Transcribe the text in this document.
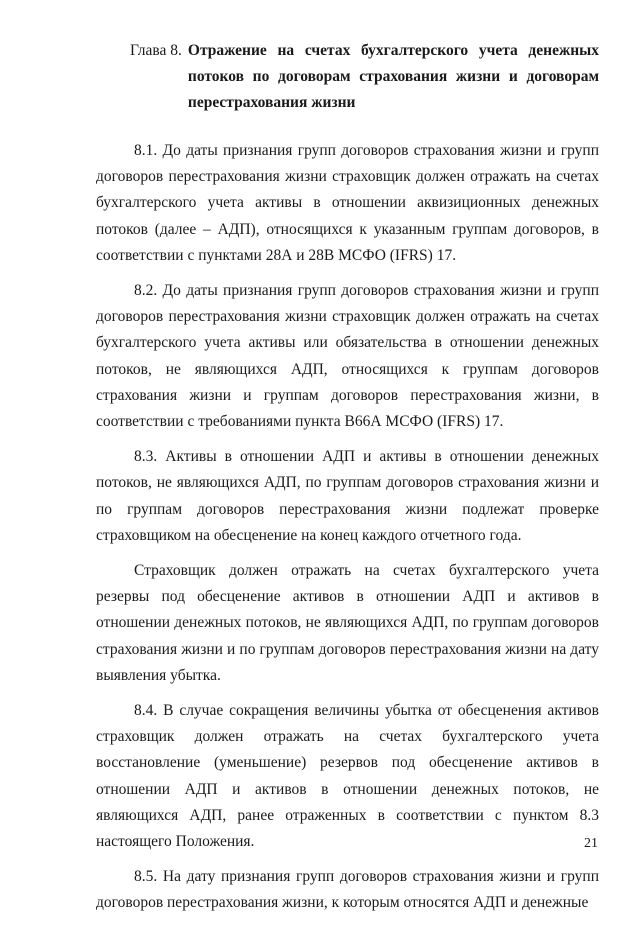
Глава 8. Отражение на счетах бухгалтерского учета денежных потоков по договорам страхования жизни и договорам перестрахования жизни

8.1. До даты признания групп договоров страхования жизни и групп договоров перестрахования жизни страховщик должен отражать на счетах бухгалтерского учета активы в отношении аквизиционных денежных потоков (далее – АДП), относящихся к указанным группам договоров, в соответствии с пунктами 28А и 28В МСФО (IFRS) 17.

8.2. До даты признания групп договоров страхования жизни и групп договоров перестрахования жизни страховщик должен отражать на счетах бухгалтерского учета активы или обязательства в отношении денежных потоков, не являющихся АДП, относящихся к группам договоров страхования жизни и группам договоров перестрахования жизни, в соответствии с требованиями пункта В66А МСФО (IFRS) 17.

8.3. Активы в отношении АДП и активы в отношении денежных потоков, не являющихся АДП, по группам договоров страхования жизни и по группам договоров перестрахования жизни подлежат проверке страховщиком на обесценение на конец каждого отчетного года.

Страховщик должен отражать на счетах бухгалтерского учета резервы под обесценение активов в отношении АДП и активов в отношении денежных потоков, не являющихся АДП, по группам договоров страхования жизни и по группам договоров перестрахования жизни на дату выявления убытка.

8.4. В случае сокращения величины убытка от обесценения активов страховщик должен отражать на счетах бухгалтерского учета восстановление (уменьшение) резервов под обесценение активов в отношении АДП и активов в отношении денежных потоков, не являющихся АДП, ранее отраженных в соответствии с пунктом 8.3 настоящего Положения.

8.5. На дату признания групп договоров страхования жизни и групп договоров перестрахования жизни, к которым относятся АДП и денежные

21
